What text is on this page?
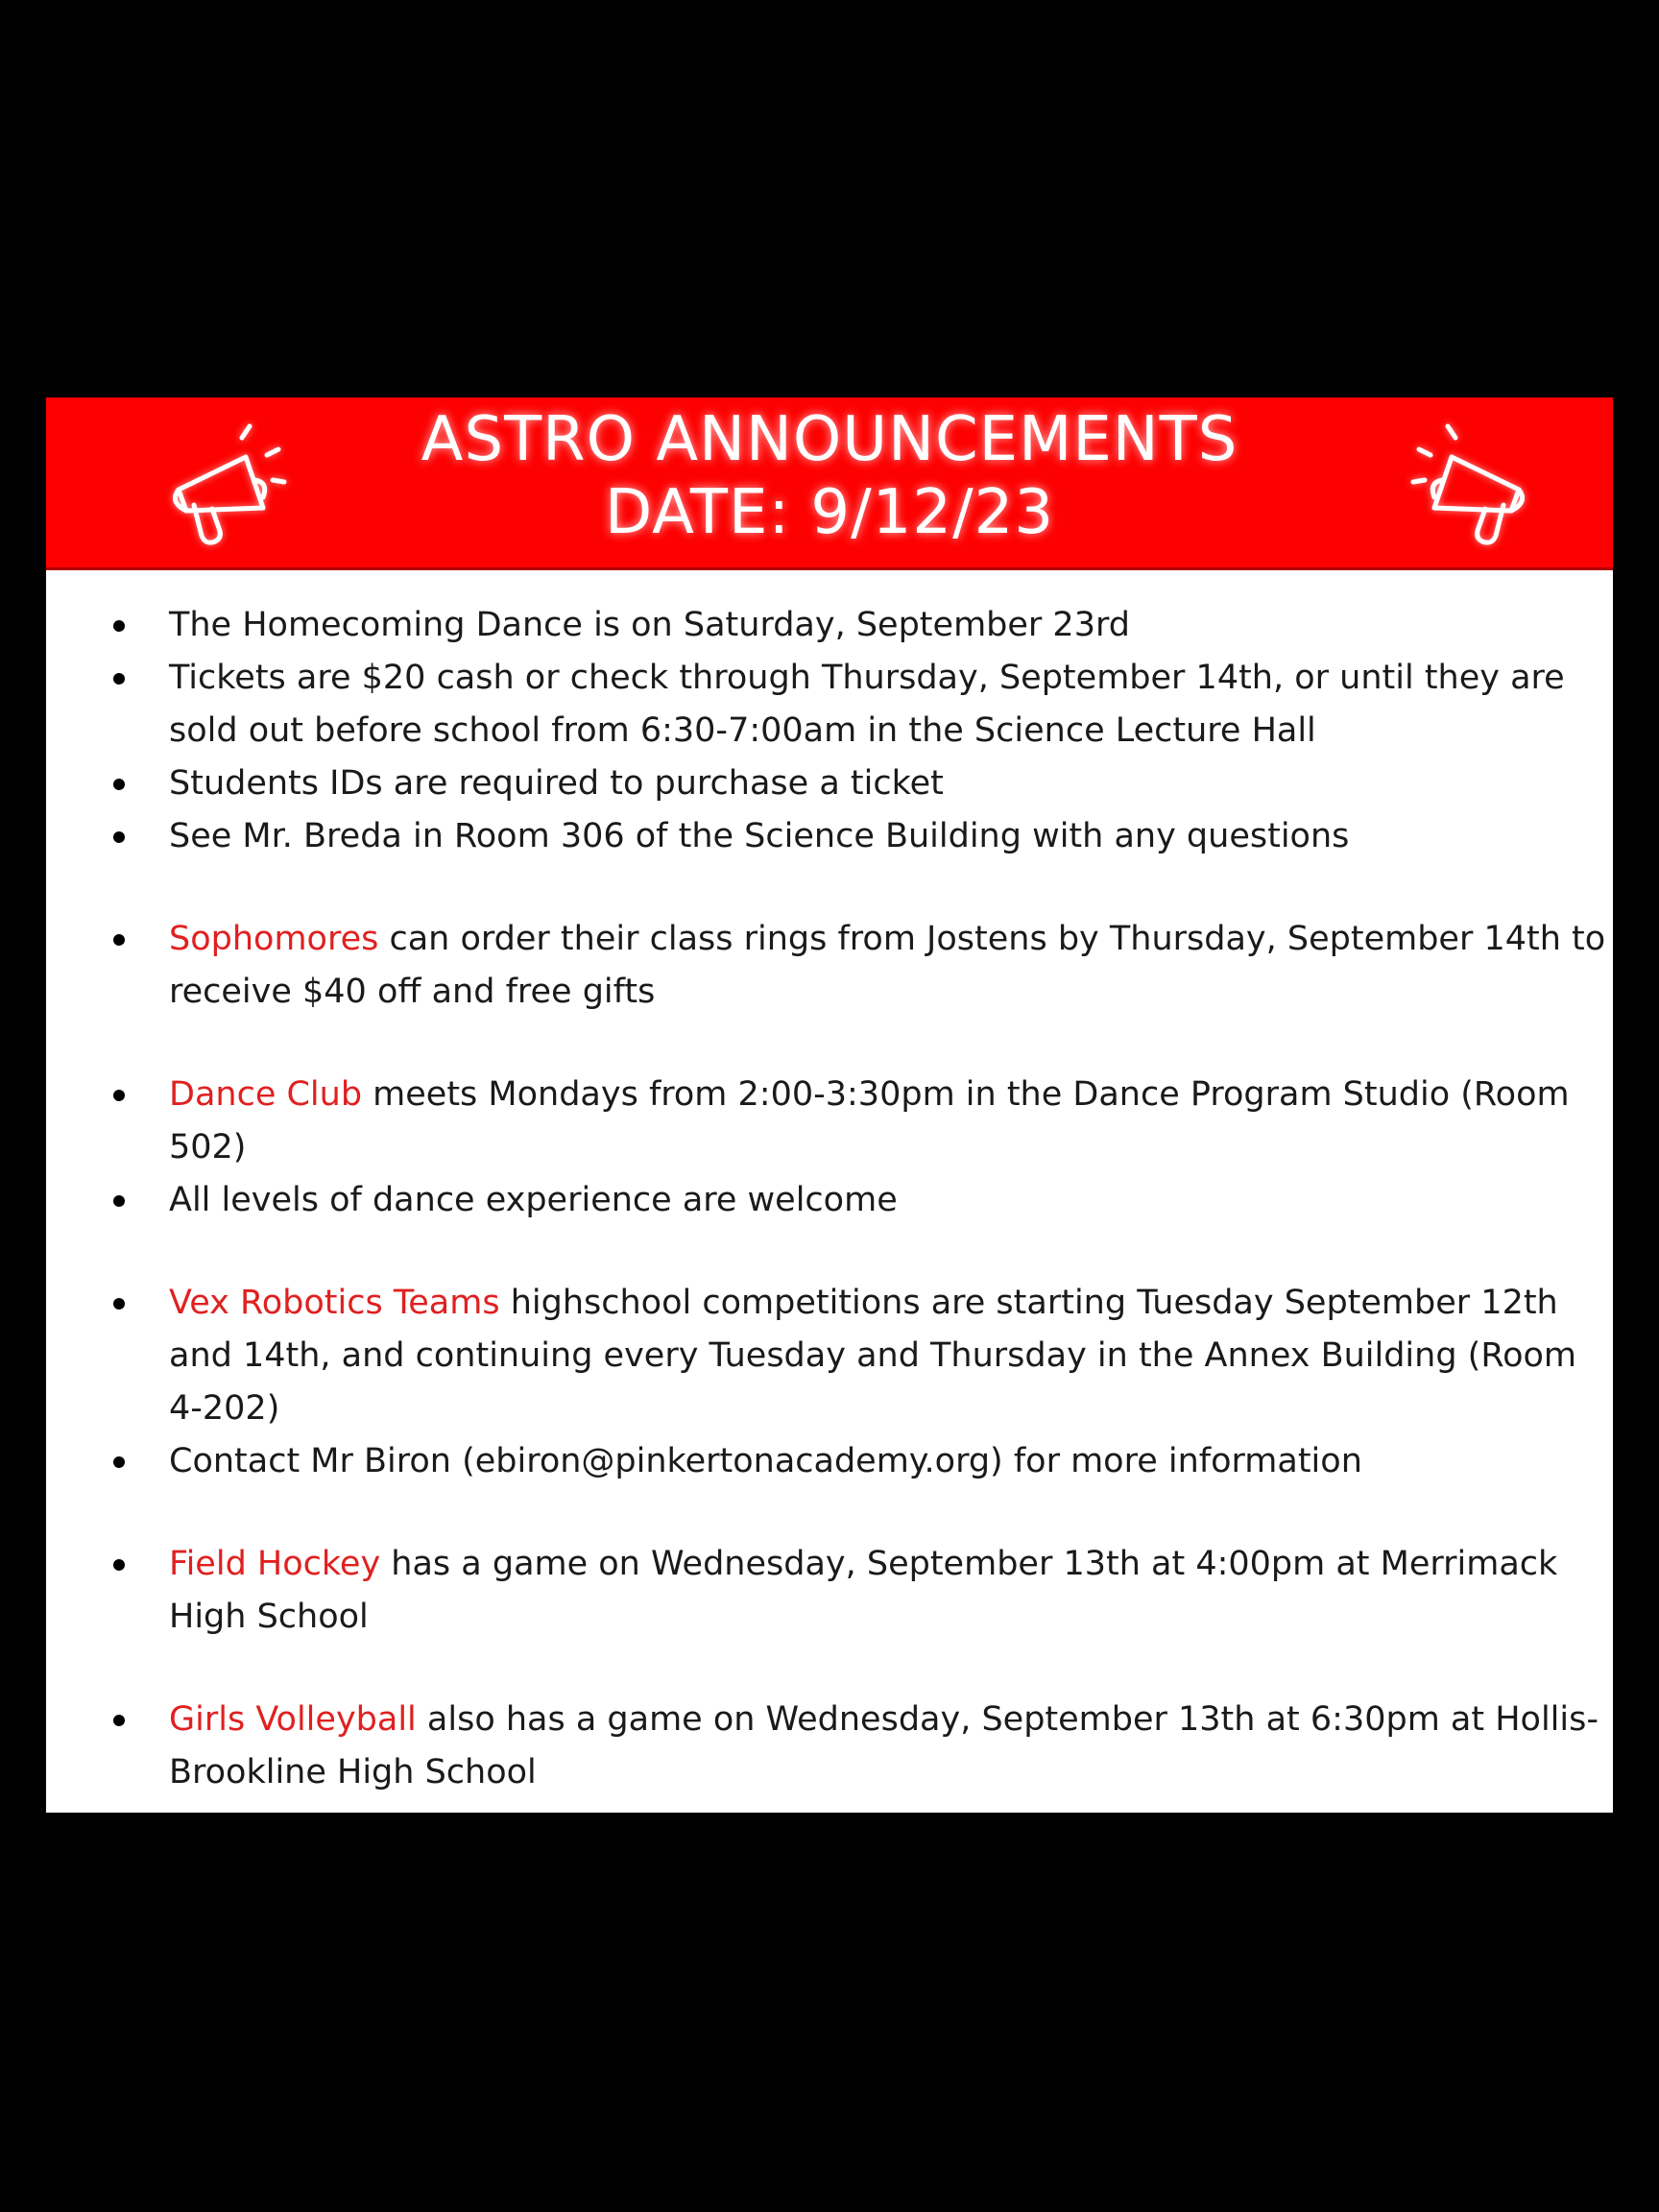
ASTRO ANNOUNCEMENTS
DATE: 9/12/23
The Homecoming Dance is on Saturday, September 23rd
Tickets are $20 cash or check through Thursday, September 14th, or until they are sold out before school from 6:30-7:00am in the Science Lecture Hall
Students IDs are required to purchase a ticket
See Mr. Breda in Room 306 of the Science Building with any questions
Sophomores can order their class rings from Jostens by Thursday, September 14th to receive $40 off and free gifts
Dance Club meets Mondays from 2:00-3:30pm in the Dance Program Studio (Room 502)
All levels of dance experience are welcome
Vex Robotics Teams highschool competitions are starting Tuesday September 12th and 14th, and continuing every Tuesday and Thursday in the Annex Building (Room 4-202)
Contact Mr Biron (ebiron@pinkertonacademy.org) for more information
Field Hockey has a game on Wednesday, September 13th at 4:00pm at Merrimack High School
Girls Volleyball also has a game on Wednesday, September 13th at 6:30pm at Hollis-Brookline High School
